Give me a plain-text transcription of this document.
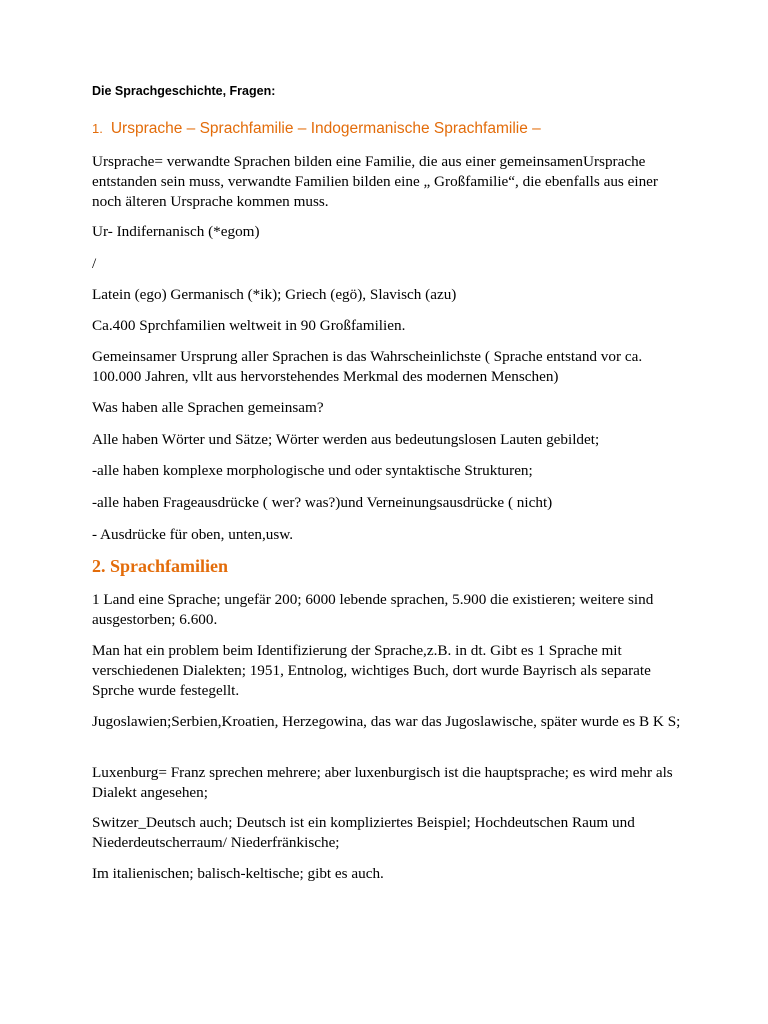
Die Sprachgeschichte, Fragen:
1. Ursprache – Sprachfamilie – Indogermanische Sprachfamilie –
Ursprache= verwandte Sprachen bilden eine Familie, die aus einer gemeinsamenUrsprache entstanden sein muss, verwandte Familien bilden eine „ Großfamilie“, die ebenfalls aus einer noch älteren Ursprache kommen muss.
Ur- Indifernanisch (*egom)
/
Latein (ego) Germanisch (*ik); Griech (egö), Slavisch (azu)
Ca.400 Sprchfamilien weltweit in 90 Großfamilien.
Gemeinsamer Ursprung aller Sprachen is das Wahrscheinlichste ( Sprache entstand vor ca. 100.000 Jahren, vllt aus hervorstehendes Merkmal des modernen Menschen)
Was haben alle Sprachen gemeinsam?
Alle haben Wörter und Sätze; Wörter werden aus bedeutungslosen Lauten gebildet;
-alle haben komplexe morphologische und oder syntaktische Strukturen;
-alle haben Frageausdrücke ( wer? was?)und Verneinungsausdrücke ( nicht)
- Ausdrücke für oben, unten,usw.
2. Sprachfamilien
1 Land eine Sprache; ungefär 200; 6000 lebende sprachen, 5.900 die existieren; weitere sind ausgestorben; 6.600.
Man hat ein problem beim Identifizierung der Sprache,z.B. in dt. Gibt es 1 Sprache mit verschiedenen Dialekten; 1951, Entnolog, wichtiges Buch, dort wurde Bayrisch als separate Sprche wurde festegellt.
Jugoslawien;Serbien,Kroatien, Herzegowina, das war das Jugoslawische, später wurde es B K S;
Luxenburg= Franz sprechen mehrere; aber luxenburgisch ist die hauptsprache; es wird mehr als Dialekt angesehen;
Switzer_Deutsch auch; Deutsch ist ein kompliziertes Beispiel; Hochdeutschen Raum und Niederdeutscherraum/ Niederfränkische;
Im italienischen; balisch-keltische; gibt es auch.
